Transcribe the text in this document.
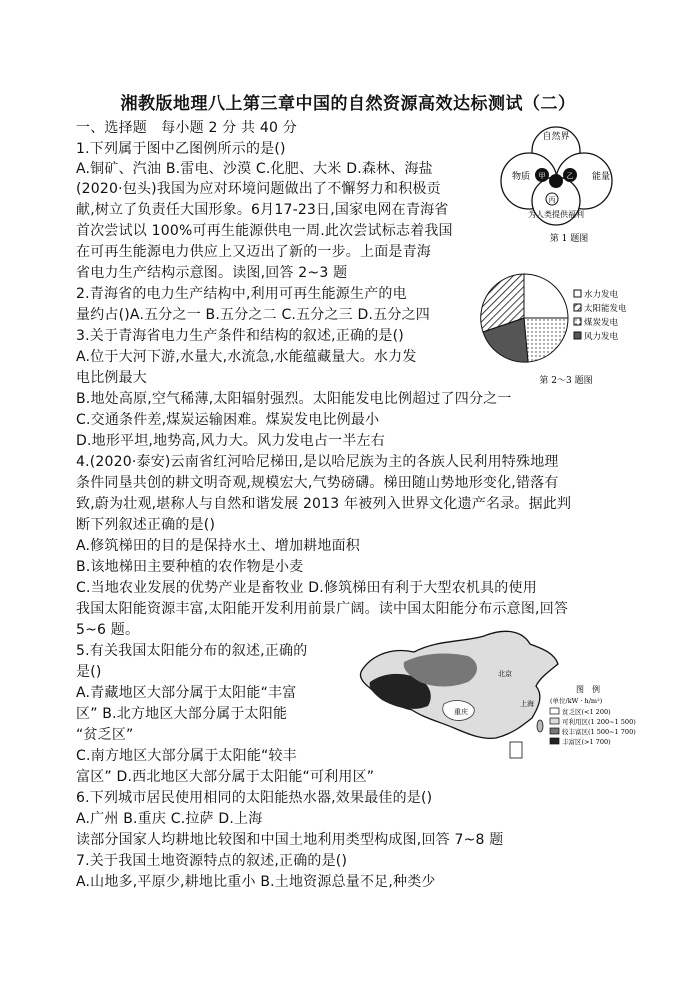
湘教版地理八上第三章中国的自然资源高效达标测试（二）
一、选择题　每小题 2 分 共 40 分
1.下列属于图中乙图例所示的是()
A.铜矿、汽油 B.雷电、沙漠 C.化肥、大米 D.森林、海盐
(2020·包头)我国为应对环境问题做出了不懈努力和积极贡
献,树立了负责任大国形象。6月17-23日,国家电网在青海省
首次尝试以 100%可再生能源供电一周.此次尝试标志着我国
在可再生能源电力供应上又迈出了新的一步。上面是青海
省电力生产结构示意图。读图,回答 2~3 题
2.青海省的电力生产结构中,利用可再生能源生产的电
量约占()A.五分之一 B.五分之二 C.五分之三 D.五分之四
3.关于青海省电力生产条件和结构的叙述,正确的是()
A.位于大河下游,水量大,水流急,水能蕴藏量大。水力发
电比例最大
B.地处高原,空气稀薄,太阳辐射强烈。太阳能发电比例超过了四分之一
C.交通条件差,煤炭运输困难。煤炭发电比例最小
D.地形平坦,地势高,风力大。风力发电占一半左右
4.(2020·泰安)云南省红河哈尼梯田,是以哈尼族为主的各族人民利用特殊地理
条件同垦共创的耕文明奇观,规模宏大,气势磅礴。梯田随山势地形变化,错落有
致,蔚为壮观,堪称人与自然和谐发展 2013 年被列入世界文化遗产名录。据此判
断下列叙述正确的是()
A.修筑梯田的目的是保持水土、增加耕地面积
B.该地梯田主要种植的农作物是小麦
C.当地农业发展的优势产业是畜牧业 D.修筑梯田有利于大型农机具的使用
我国太阳能资源丰富,太阳能开发利用前景广阔。读中国太阳能分布示意图,回答
5~6 题。
5.有关我国太阳能分布的叙述,正确的
是()
A.青藏地区大部分属于太阳能“丰富
区” B.北方地区大部分属于太阳能
“贫乏区”
C.南方地区大部分属于太阳能“较丰
富区” D.西北地区大部分属于太阳能“可利用区”
6.下列城市居民使用相同的太阳能热水器,效果最佳的是()
A.广州 B.重庆 C.拉萨 D.上海
读部分国家人均耕地比较图和中国土地利用类型构成图,回答 7~8 题
7.关于我国土地资源特点的叙述,正确的是()
A.山地多,平原少,耕地比重小 B.土地资源总量不足,种类少
自然界
物质	能量
甲	乙
丙
为人类提供福利
第 1 题图
水力发电
太阳能发电
煤炭发电
风力发电
第 2～3 题图
北京
上海
重庆
图　例
(单位/kW · h/m²)
贫乏区(<1 200)
可利用区(1 200~1 500)
较丰富区(1 500~1 700)
丰富区(>1 700)
